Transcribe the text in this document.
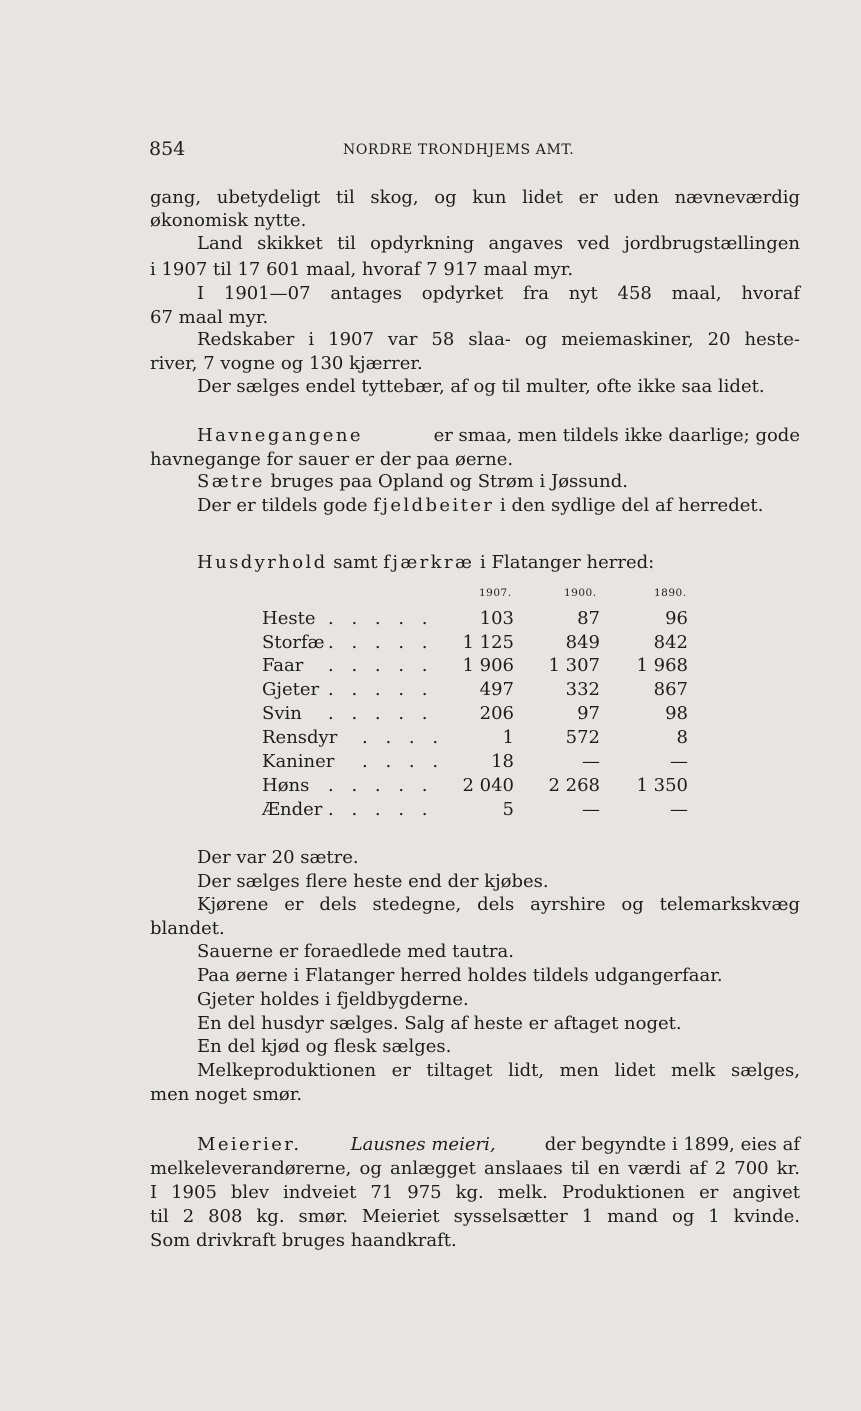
854	NORDRE TRONDHJEMS AMT.
gang, ubetydeligt til skog, og kun lidet er uden nævneværdig
økonomisk nytte.
Land skikket til opdyrkning angaves ved jordbrugstællingen
i 1907 til 17 601 maal, hvoraf 7 917 maal myr.
I 1901—07 antages opdyrket fra nyt 458 maal, hvoraf
67 maal myr.
Redskaber i 1907 var 58 slaa- og meiemaskiner, 20 heste-
river, 7 vogne og 130 kjærrer.
Der sælges endel tyttebær, af og til multer, ofte ikke saa lidet.
Havnegangene	er smaa, men tildels ikke daarlige; gode
havnegange for sauer er der paa øerne.
Sætre bruges paa Opland og Strøm i Jøssund.
Der er tildels gode fjeldbeiter i den sydlige del af herredet.
Husdyrhold samt fjærkræ i Flatanger herred:
1907.	1900.	1890.
Heste . . . . .	103	87	96
Storfæ . . . . .	1 125	849	842
Faar . . . . .	1 906	1 307	1 968
Gjeter . . . . .	497	332	867
Svin . . . . .	206	97	98
Rensdyr . . . .	1	572	8
Kaniner . . . .	18	—	—
Høns . . . . .	2 040	2 268	1 350
Ænder . . . . .	5	—	—
Der var 20 sætre.
Der sælges flere heste end der kjøbes.
Kjørene er dels stedegne, dels ayrshire og telemarkskvæg
blandet.
Sauerne er foraedlede med tautra.
Paa øerne i Flatanger herred holdes tildels udgangerfaar.
Gjeter holdes i fjeldbygderne.
En del husdyr sælges. Salg af heste er aftaget noget.
En del kjød og flesk sælges.
Melkeproduktionen er tiltaget lidt, men lidet melk sælges,
men noget smør.
Meierier.	Lausnes meieri,	der begyndte i 1899, eies af
melkeleverandørerne, og anlægget anslaaes til en værdi af 2 700 kr.
I 1905 blev indveiet 71 975 kg. melk. Produktionen er angivet
til 2 808 kg. smør. Meieriet sysselsætter 1 mand og 1 kvinde.
Som drivkraft bruges haandkraft.
